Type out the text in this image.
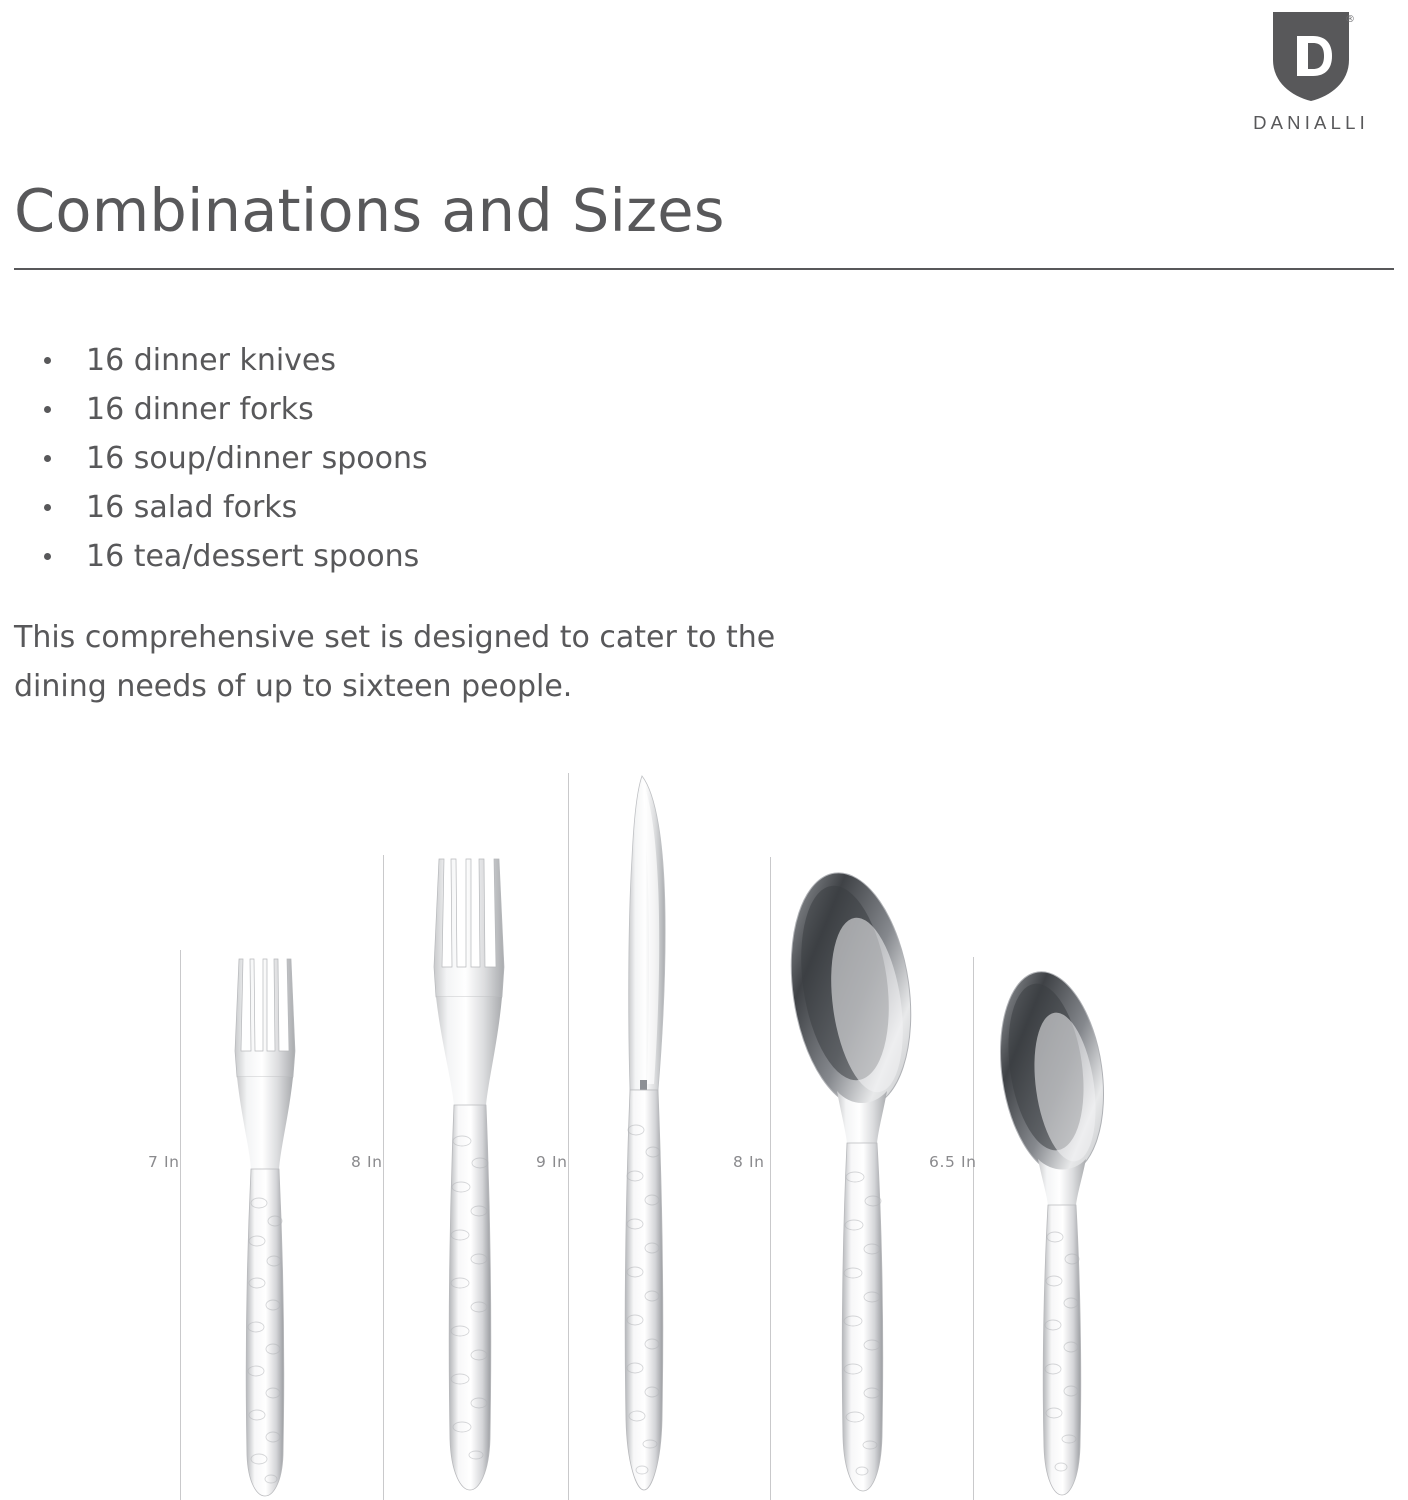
®
DANIALLI
Combinations and Sizes
16 dinner knives
16 dinner forks
16 soup/dinner spoons
16 salad forks
16 tea/dessert spoons

This comprehensive set is designed to cater to the dining needs of up to sixteen people.

7 In	8 In	9 In	8 In	6.5 In
